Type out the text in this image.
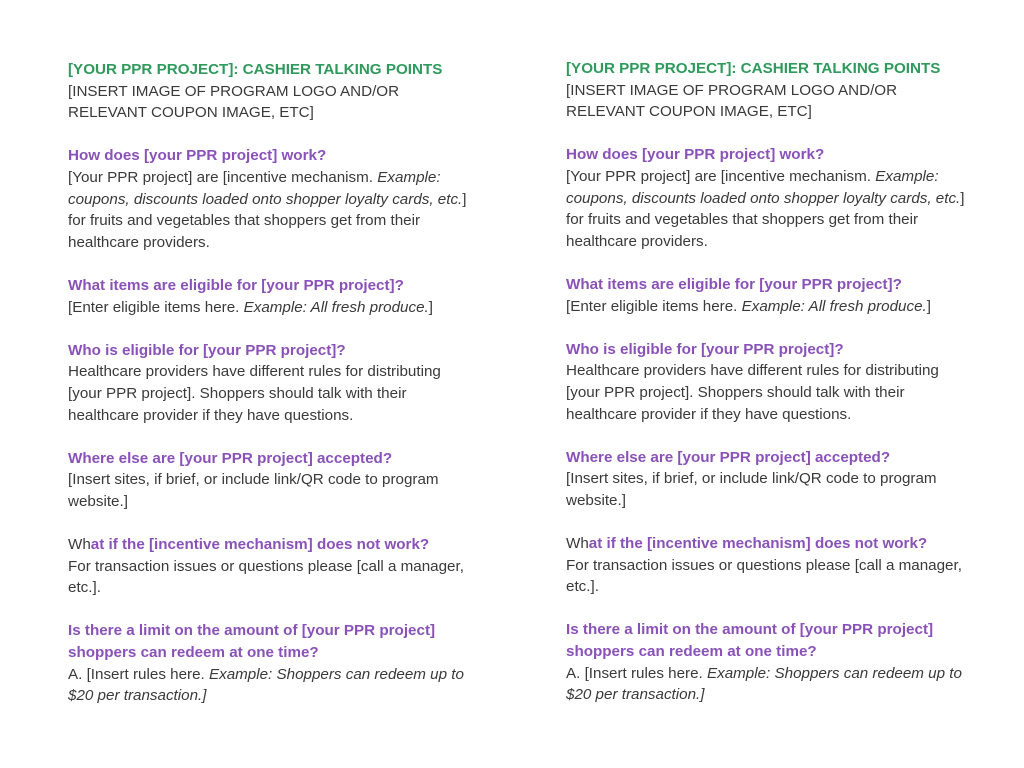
[YOUR PPR PROJECT]: CASHIER TALKING POINTS

[INSERT IMAGE OF PROGRAM LOGO AND/OR RELEVANT COUPON IMAGE, ETC]

How does [your PPR project] work?

[Your PPR project] are [incentive mechanism. Example: coupons, discounts loaded onto shopper loyalty cards, etc.] for fruits and vegetables that shoppers get from their healthcare providers.

What items are eligible for [your PPR project]?

[Enter eligible items here. Example: All fresh produce.]

Who is eligible for [your PPR project]?

Healthcare providers have different rules for distributing [your PPR project]. Shoppers should talk with their healthcare provider if they have questions.

Where else are [your PPR project] accepted?

[Insert sites, if brief, or include link/QR code to program website.]

What if the [incentive mechanism] does not work?

For transaction issues or questions please [call a manager, etc.].

Is there a limit on the amount of [your PPR project] shoppers can redeem at one time?

A. [Insert rules here. Example: Shoppers can redeem up to $20 per transaction.]

[YOUR PPR PROJECT]: CASHIER TALKING POINTS

[INSERT IMAGE OF PROGRAM LOGO AND/OR RELEVANT COUPON IMAGE, ETC]

How does [your PPR project] work?

[Your PPR project] are [incentive mechanism. Example: coupons, discounts loaded onto shopper loyalty cards, etc.] for fruits and vegetables that shoppers get from their healthcare providers.

What items are eligible for [your PPR project]?

[Enter eligible items here. Example: All fresh produce.]

Who is eligible for [your PPR project]?

Healthcare providers have different rules for distributing [your PPR project]. Shoppers should talk with their healthcare provider if they have questions.

Where else are [your PPR project] accepted?

[Insert sites, if brief, or include link/QR code to program website.]

What if the [incentive mechanism] does not work?

For transaction issues or questions please [call a manager, etc.].

Is there a limit on the amount of [your PPR project] shoppers can redeem at one time?

A. [Insert rules here. Example: Shoppers can redeem up to $20 per transaction.]
